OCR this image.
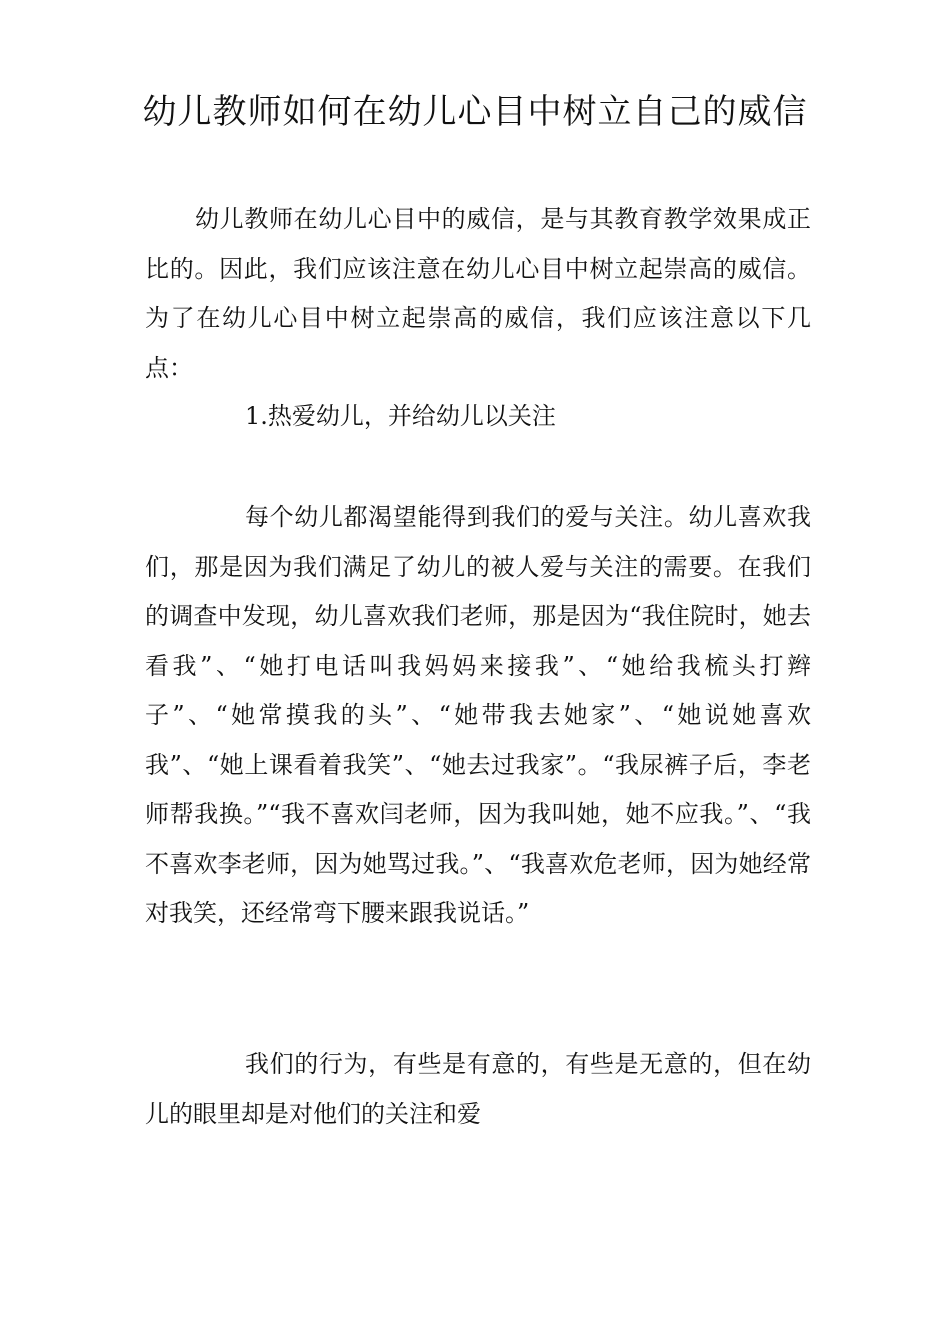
幼儿教师如何在幼儿心目中树立自己的威信

幼儿教师在幼儿心目中的威信，是与其教育教学效果成正比的。因此，我们应该注意在幼儿心目中树立起崇高的威信。为了在幼儿心目中树立起崇高的威信，我们应该注意以下几点：

1.热爱幼儿，并给幼儿以关注

每个幼儿都渴望能得到我们的爱与关注。幼儿喜欢我们，那是因为我们满足了幼儿的被人爱与关注的需要。在我们的调查中发现，幼儿喜欢我们老师，那是因为“我住院时，她去看我”、“她打电话叫我妈妈来接我”、“她给我梳头打辫子”、“她常摸我的头”、“她带我去她家”、“她说她喜欢我”、“她上课看着我笑”、“她去过我家”。“我尿裤子后，李老师帮我换。”“我不喜欢闫老师，因为我叫她，她不应我。”、“我不喜欢李老师，因为她骂过我。”、“我喜欢危老师，因为她经常对我笑，还经常弯下腰来跟我说话。”

我们的行为，有些是有意的，有些是无意的，但在幼儿的眼里却是对他们的关注和爱
